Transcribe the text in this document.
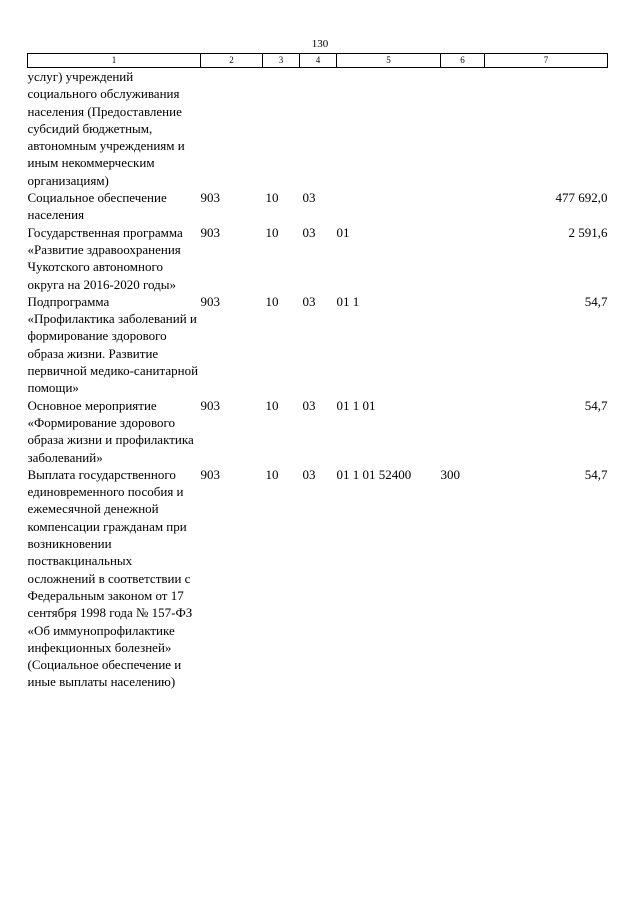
130
1	2	3	4	5	6	7
услуг) учреждений социального обслуживания населения (Предоставление субсидий бюджетным, автономным учреждениям и иным некоммерческим организациям)						
Социальное обеспечение населения	903	10	03			477 692,0
Государственная программа «Развитие здравоохранения Чукотского автономного округа на 2016-2020 годы»	903	10	03	01		2 591,6
Подпрограмма «Профилактика заболеваний и формирование здорового образа жизни. Развитие первичной медико-санитарной помощи»	903	10	03	01 1		54,7
Основное мероприятие «Формирование здорового образа жизни и профилактика заболеваний»	903	10	03	01 1 01		54,7
Выплата государственного единовременного пособия и ежемесячной денежной компенсации гражданам при возникновении поствакцинальных осложнений в соответствии с Федеральным законом от 17 сентября 1998 года № 157-ФЗ «Об иммунопрофилактике инфекционных болезней» (Социальное обеспечение и иные выплаты населению)	903	10	03	01 1 01 52400	300	54,7
